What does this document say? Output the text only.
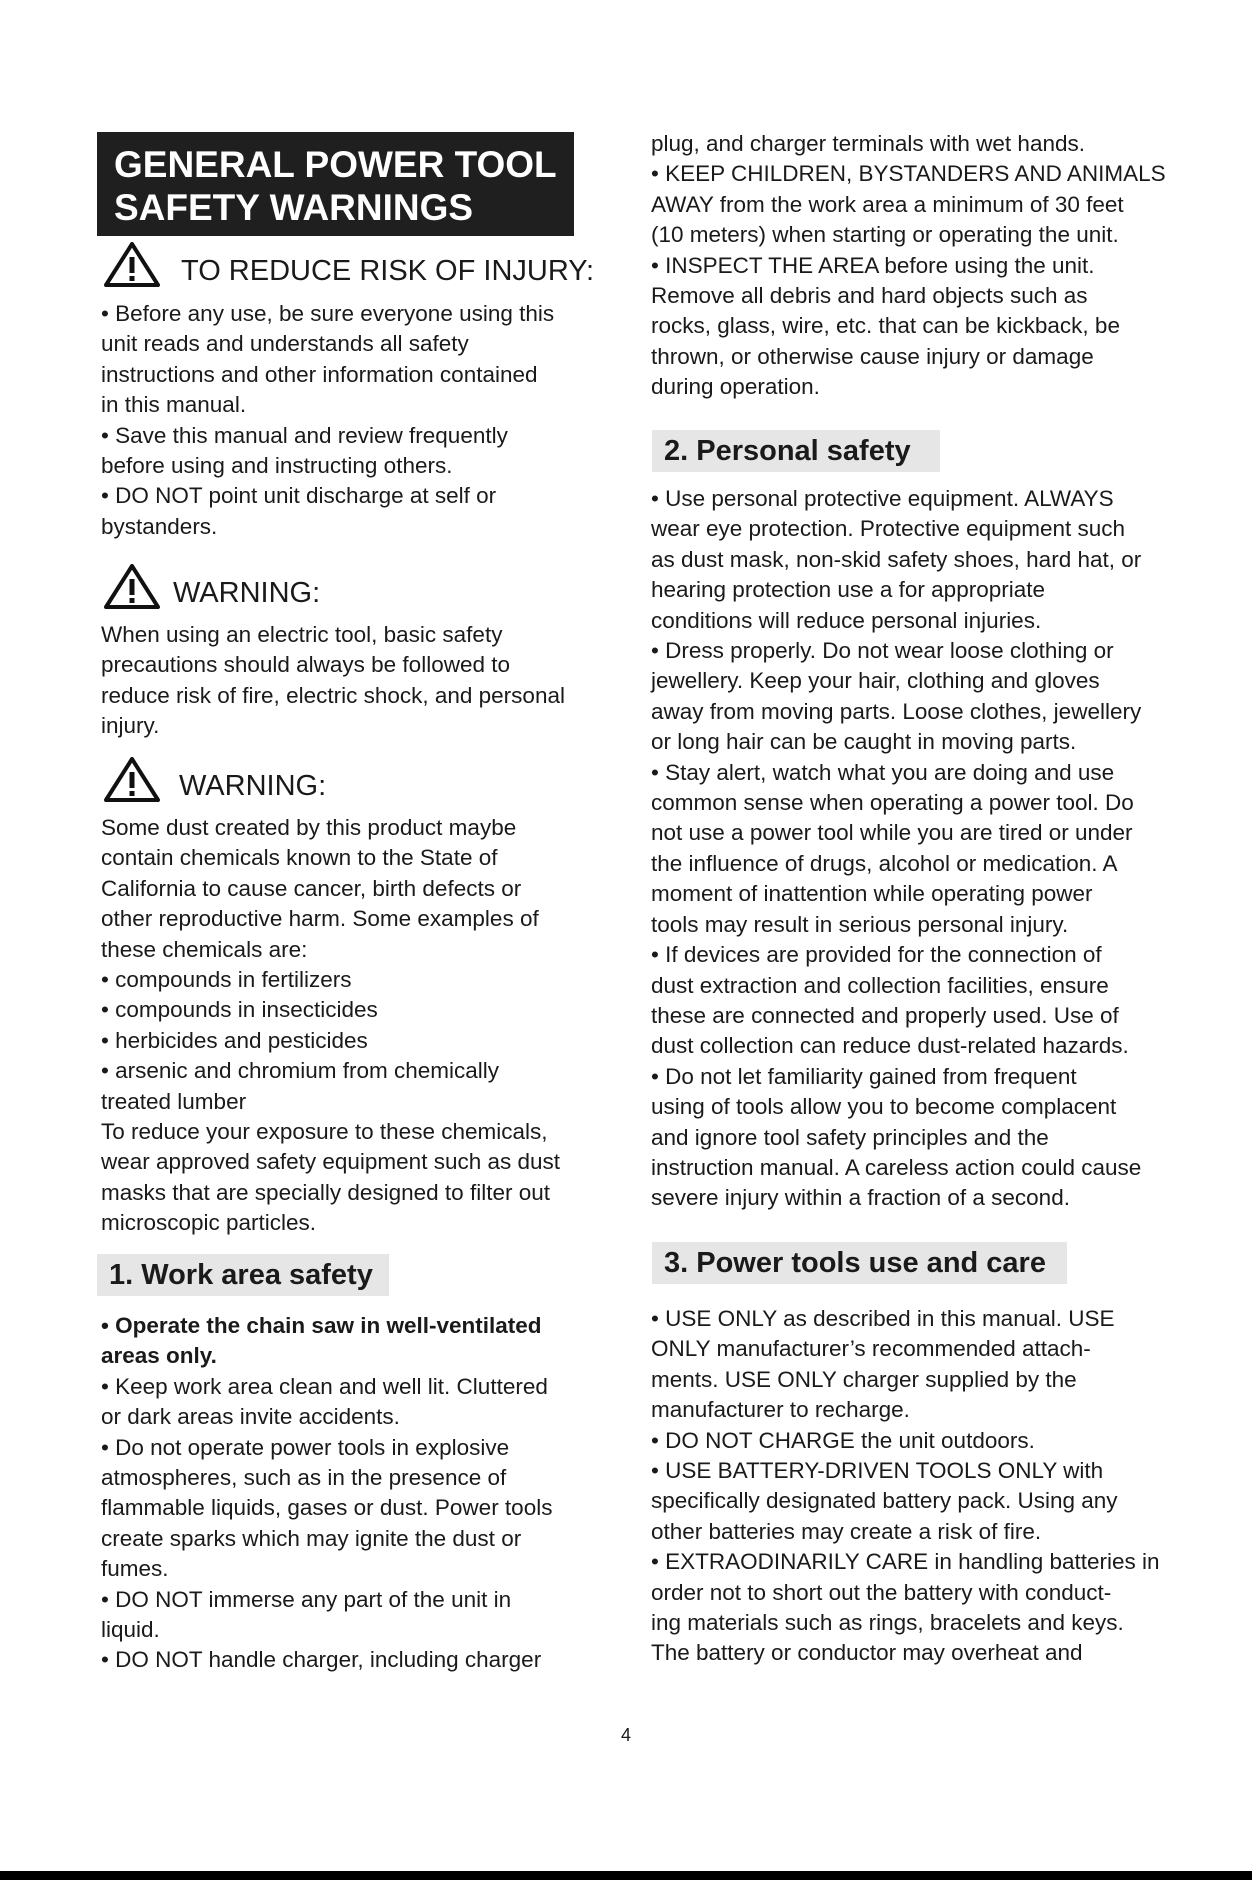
GENERAL POWER TOOL
SAFETY WARNINGS
TO REDUCE RISK OF INJURY:
• Before any use, be sure everyone using this
unit reads and understands all safety
instructions and other information contained
in this manual.
• Save this manual and review frequently
before using and instructing others.
• DO NOT point unit discharge at self or
bystanders.
WARNING:
When using an electric tool, basic safety
precautions should always be followed to
reduce risk of fire, electric shock, and personal
injury.
WARNING:
Some dust created by this product maybe
contain chemicals known to the State of
California to cause cancer, birth defects or
other reproductive harm. Some examples of
these chemicals are:
• compounds in fertilizers
• compounds in insecticides
• herbicides and pesticides
• arsenic and chromium from chemically
treated lumber
To reduce your exposure to these chemicals,
wear approved safety equipment such as dust
masks that are specially designed to filter out
microscopic particles.
1. Work area safety
• Operate the chain saw in well-ventilated
areas only.
• Keep work area clean and well lit. Cluttered
or dark areas invite accidents.
• Do not operate power tools in explosive
atmospheres, such as in the presence of
flammable liquids, gases or dust. Power tools
create sparks which may ignite the dust or
fumes.
• DO NOT immerse any part of the unit in
liquid.
• DO NOT handle charger, including charger
plug, and charger terminals with wet hands.
• KEEP CHILDREN, BYSTANDERS AND ANIMALS
AWAY from the work area a minimum of 30 feet
(10 meters) when starting or operating the unit.
• INSPECT THE AREA before using the unit.
Remove all debris and hard objects such as
rocks, glass, wire, etc. that can be kickback, be
thrown, or otherwise cause injury or damage
during operation.
2. Personal safety
• Use personal protective equipment. ALWAYS
wear eye protection. Protective equipment such
as dust mask, non-skid safety shoes, hard hat, or
hearing protection use a for appropriate
conditions will reduce personal injuries.
• Dress properly. Do not wear loose clothing or
jewellery. Keep your hair, clothing and gloves
away from moving parts. Loose clothes, jewellery
or long hair can be caught in moving parts.
• Stay alert, watch what you are doing and use
common sense when operating a power tool. Do
not use a power tool while you are tired or under
the influence of drugs, alcohol or medication. A
moment of inattention while operating power
tools may result in serious personal injury.
• If devices are provided for the connection of
dust extraction and collection facilities, ensure
these are connected and properly used. Use of
dust collection can reduce dust-related hazards.
• Do not let familiarity gained from frequent
using of tools allow you to become complacent
and ignore tool safety principles and the
instruction manual. A careless action could cause
severe injury within a fraction of a second.
3. Power tools use and care
• USE ONLY as described in this manual. USE
ONLY manufacturer’s recommended attach-
ments. USE ONLY charger supplied by the
manufacturer to recharge.
• DO NOT CHARGE the unit outdoors.
• USE BATTERY-DRIVEN TOOLS ONLY with
specifically designated battery pack. Using any
other batteries may create a risk of fire.
• EXTRAODINARILY CARE in handling batteries in
order not to short out the battery with conduct-
ing materials such as rings, bracelets and keys.
The battery or conductor may overheat and
4
